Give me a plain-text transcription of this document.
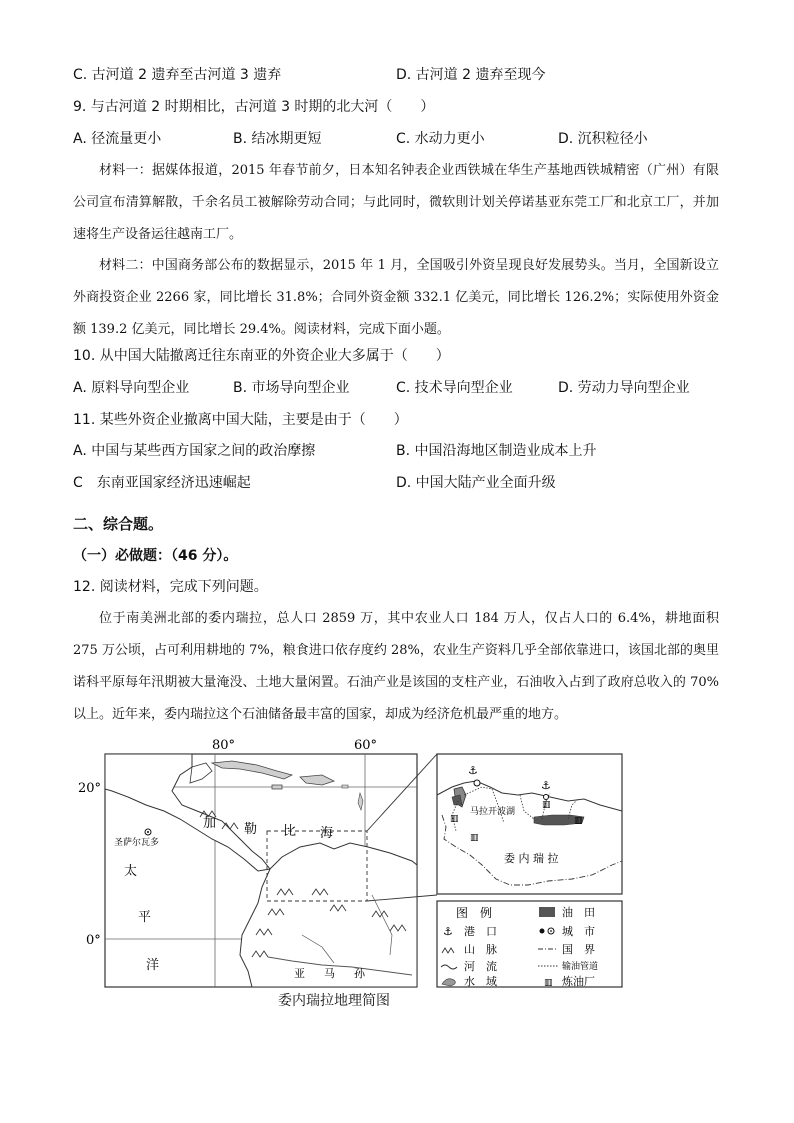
C. 古河道 2 遗弃至古河道 3 遗弃	D. 古河道 2 遗弃至现今
9. 与古河道 2 时期相比，古河道 3 时期的北大河（　　）
A. 径流量更小	B. 结冰期更短	C. 水动力更小	D. 沉积粒径小
材料一：据媒体报道，2015 年春节前夕，日本知名钟表企业西铁城在华生产基地西铁城精密（广州）有限公司宣布清算解散，千余名员工被解除劳动合同；与此同时，微软則计划关停诺基亚东莞工厂和北京工厂，并加速将生产设备运往越南工厂。
材料二：中国商务部公布的数据显示，2015 年 1 月，全国吸引外资呈现良好发展势头。当月，全国新设立外商投资企业 2266 家，同比增长 31.8%；合同外资金额 332.1 亿美元，同比增长 126.2%；实际使用外资金额 139.2 亿美元，同比增长 29.4%。阅读材料，完成下面小题。
10. 从中国大陆撤离迁往东南亚的外资企业大多属于（　　）
A. 原料导向型企业	B. 市场导向型企业	C. 技术导向型企业	D. 劳动力导向型企业
11. 某些外资企业撤离中国大陆，主要是由于（　　）
A. 中国与某些西方国家之间的政治摩擦	B. 中国沿海地区制造业成本上升
C　东南亚国家经济迅速崛起	D. 中国大陆产业全面升级
二、综合题。
（一）必做题：（46 分）。
12. 阅读材料，完成下列问题。
位于南美洲北部的委内瑞拉，总人口 2859 万，其中农业人口 184 万人，仅占人口的 6.4%，耕地面积 275 万公顷，占可利用耕地的 7%，粮食进口依存度约 28%，农业生产资料几乎全部依靠进口，该国北部的奥里诺科平原每年汛期被大量淹没、土地大量闲置。石油产业是该国的支柱产业，石油收入占到了政府总收入的 70%以上。近年来，委内瑞拉这个石油储备最丰富的国家，却成为经济危机最严重的地方。
80°	60°
20°
0°
圣萨尔瓦多
加 勒 比 海
太
平
洋
亚 马 孙
⚓
⚓
▥
▥
▥
▥
马拉开波湖
委 内 瑞 拉
图　例	油　田
⚓ 港　口	城　市
山　脉	国　界
河　流	输油管道
水　域	▥ 炼油厂
委内瑞拉地理简图
